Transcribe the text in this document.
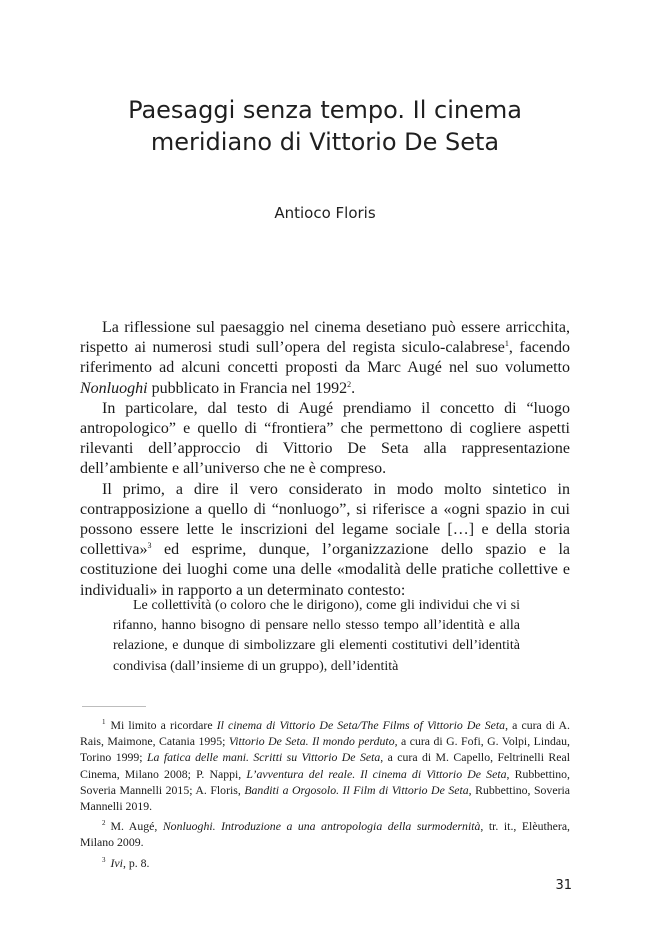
Paesaggi senza tempo. Il cinema
meridiano di Vittorio De Seta
Antioco Floris

La riflessione sul paesaggio nel cinema desetiano può essere arricchita, rispetto ai numerosi studi sull’opera del regista siculo-calabrese$^1$, facendo riferimento ad alcuni concetti proposti da Marc Augé nel suo volumetto Nonluoghi pubblicato in Francia nel 1992$^2$.

In particolare, dal testo di Augé prendiamo il concetto di “luogo antropologico” e quello di “frontiera” che permettono di cogliere aspetti rilevanti dell’approccio di Vittorio De Seta alla rappresentazione dell’ambiente e all’universo che ne è compreso.

Il primo, a dire il vero considerato in modo molto sintetico in contrapposizione a quello di “nonluogo”, si riferisce a «ogni spazio in cui possono essere lette le inscrizioni del legame sociale […] e della storia collettiva»$^3$ ed esprime, dunque, l’organizzazione dello spazio e la costituzione dei luoghi come una delle «modalità delle pratiche collettive e individuali» in rapporto a un determinato contesto:

Le collettività (o coloro che le dirigono), come gli individui che vi si rifanno, hanno bisogno di pensare nello stesso tempo all’identità e alla relazione, e dunque di simbolizzare gli elementi costitutivi dell’identità condivisa (dall’insieme di un gruppo), dell’identità

$^1$ Mi limito a ricordare Il cinema di Vittorio De Seta/The Films of Vittorio De Seta, a cura di A. Rais, Maimone, Catania 1995; Vittorio De Seta. Il mondo perduto, a cura di G. Fofi, G. Volpi, Lindau, Torino 1999; La fatica delle mani. Scritti su Vittorio De Seta, a cura di M. Capello, Feltrinelli Real Cinema, Milano 2008; P. Nappi, L’avventura del reale. Il cinema di Vittorio De Seta, Rubbettino, Soveria Mannelli 2015; A. Floris, Banditi a Orgosolo. Il Film di Vittorio De Seta, Rubbettino, Soveria Mannelli 2019.

$^2$ M. Augé, Nonluoghi. Introduzione a una antropologia della surmodernità, tr. it., Elèuthera, Milano 2009.

$^3$ Ivi, p. 8.

31
